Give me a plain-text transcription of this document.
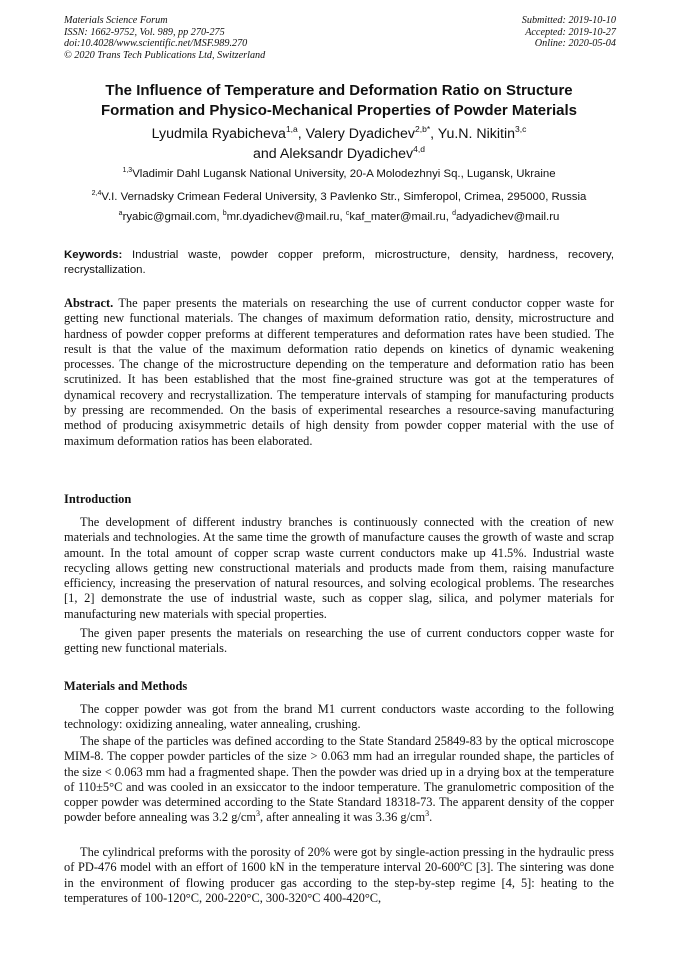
Materials Science Forum
ISSN: 1662-9752, Vol. 989, pp 270-275
doi:10.4028/www.scientific.net/MSF.989.270
© 2020 Trans Tech Publications Ltd, Switzerland
Submitted: 2019-10-10
Accepted: 2019-10-27
Online: 2020-05-04
The Influence of Temperature and Deformation Ratio on Structure
Formation and Physico-Mechanical Properties of Powder Materials
Lyudmila Ryabicheva$^{1,a}$, Valery Dyadichev$^{2,b*}$, Yu.N. Nikitin$^{3,c}$
and Aleksandr Dyadichev$^{4,d}$
$^{1,3}$Vladimir Dahl Lugansk National University, 20-A Molodezhnyi Sq., Lugansk, Ukraine
$^{2,4}$V.I. Vernadsky Crimean Federal University, 3 Pavlenko Str., Simferopol, Crimea, 295000, Russia
$^a$ryabic@gmail.com, $^b$mr.dyadichev@mail.ru, $^c$kaf_mater@mail.ru, $^d$adyadichev@mail.ru
Keywords: Industrial waste, powder copper preform, microstructure, density, hardness, recovery, recrystallization.
Abstract. The paper presents the materials on researching the use of current conductor copper waste for getting new functional materials. The changes of maximum deformation ratio, density, microstructure and hardness of powder copper preforms at different temperatures and deformation rates have been studied. The result is that the value of the maximum deformation ratio depends on kinetics of dynamic weakening processes. The change of the microstructure depending on the temperature and deformation ratio has been scrutinized. It has been established that the most fine-grained structure was got at the temperatures of dynamical recovery and recrystallization. The temperature intervals of stamping for manufacturing products by pressing are recommended. On the basis of experimental researches a resource-saving manufacturing method of producing axisymmetric details of high density from powder copper material with the use of maximum deformation ratios has been elaborated.
Introduction
The development of different industry branches is continuously connected with the creation of new materials and technologies. At the same time the growth of manufacture causes the growth of waste and scrap amount. In the total amount of copper scrap waste current conductors make up 41.5%. Industrial waste recycling allows getting new constructional materials and products made from them, raising manufacture efficiency, increasing the preservation of natural resources, and solving ecological problems. The researches [1, 2] demonstrate the use of industrial waste, such as copper slag, silica, and polymer materials for manufacturing new materials with special properties.
The given paper presents the materials on researching the use of current conductors copper waste for getting new functional materials.
Materials and Methods
The copper powder was got from the brand M1 current conductors waste according to the following technology: oxidizing annealing, water annealing, crushing.
The shape of the particles was defined according to the State Standard 25849-83 by the optical microscope MIM-8. The copper powder particles of the size > 0.063 mm had an irregular rounded shape, the particles of the size < 0.063 mm had a fragmented shape. Then the powder was dried up in a drying box at the temperature of 110±5°C and was cooled in an exsiccator to the indoor temperature. The granulometric composition of the copper powder was determined according to the State Standard 18318-73. The apparent density of the copper powder before annealing was 3.2 $g/cm^3$, after annealing it was 3.36 $g/cm^3$.
The cylindrical preforms with the porosity of 20% were got by single-action pressing in the hydraulic press of PD-476 model with an effort of 1600 kN in the temperature interval 20-600$^o$C [3]. The sintering was done in the environment of flowing producer gas according to the step-by-step regime [4, 5]: heating to the temperatures of 100-120°C, 200-220°C, 300-320°C 400-420°C,
